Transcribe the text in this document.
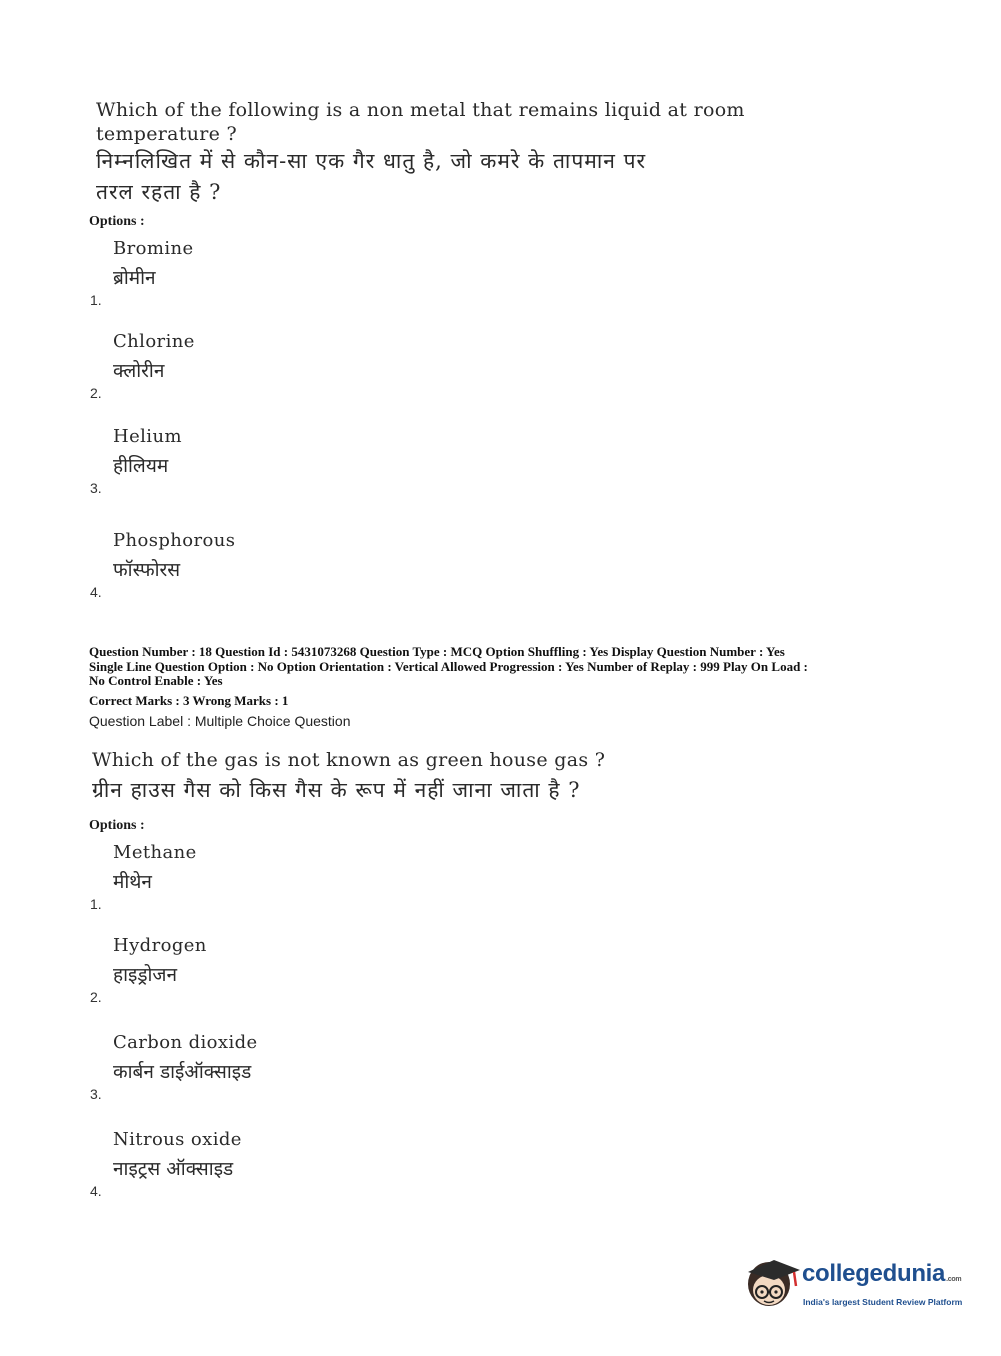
Which of the following is a non metal that remains liquid at room
temperature ?
निम्नलिखित में से कौन-सा एक गैर धातु है, जो कमरे के तापमान पर
तरल रहता है ?
Options :
Bromine
ब्रोमीन
1.
Chlorine
क्लोरीन
2.
Helium
हीलियम
3.
Phosphorous
फॉस्फोरस
4.
Question Number : 18 Question Id : 5431073268 Question Type : MCQ Option Shuffling : Yes Display Question Number : Yes
Single Line Question Option : No Option Orientation : Vertical Allowed Progression : Yes Number of Replay : 999 Play On Load :
No Control Enable : Yes
Correct Marks : 3 Wrong Marks : 1
Question Label : Multiple Choice Question
Which of the gas is not known as green house gas ?
ग्रीन हाउस गैस को किस गैस के रूप में नहीं जाना जाता है ?
Options :
Methane
मीथेन
1.
Hydrogen
हाइड्रोजन
2.
Carbon dioxide
कार्बन डाईऑक्साइड
3.
Nitrous oxide
नाइट्रस ऑक्साइड
4.
collegedunia.com
India's largest Student Review Platform
